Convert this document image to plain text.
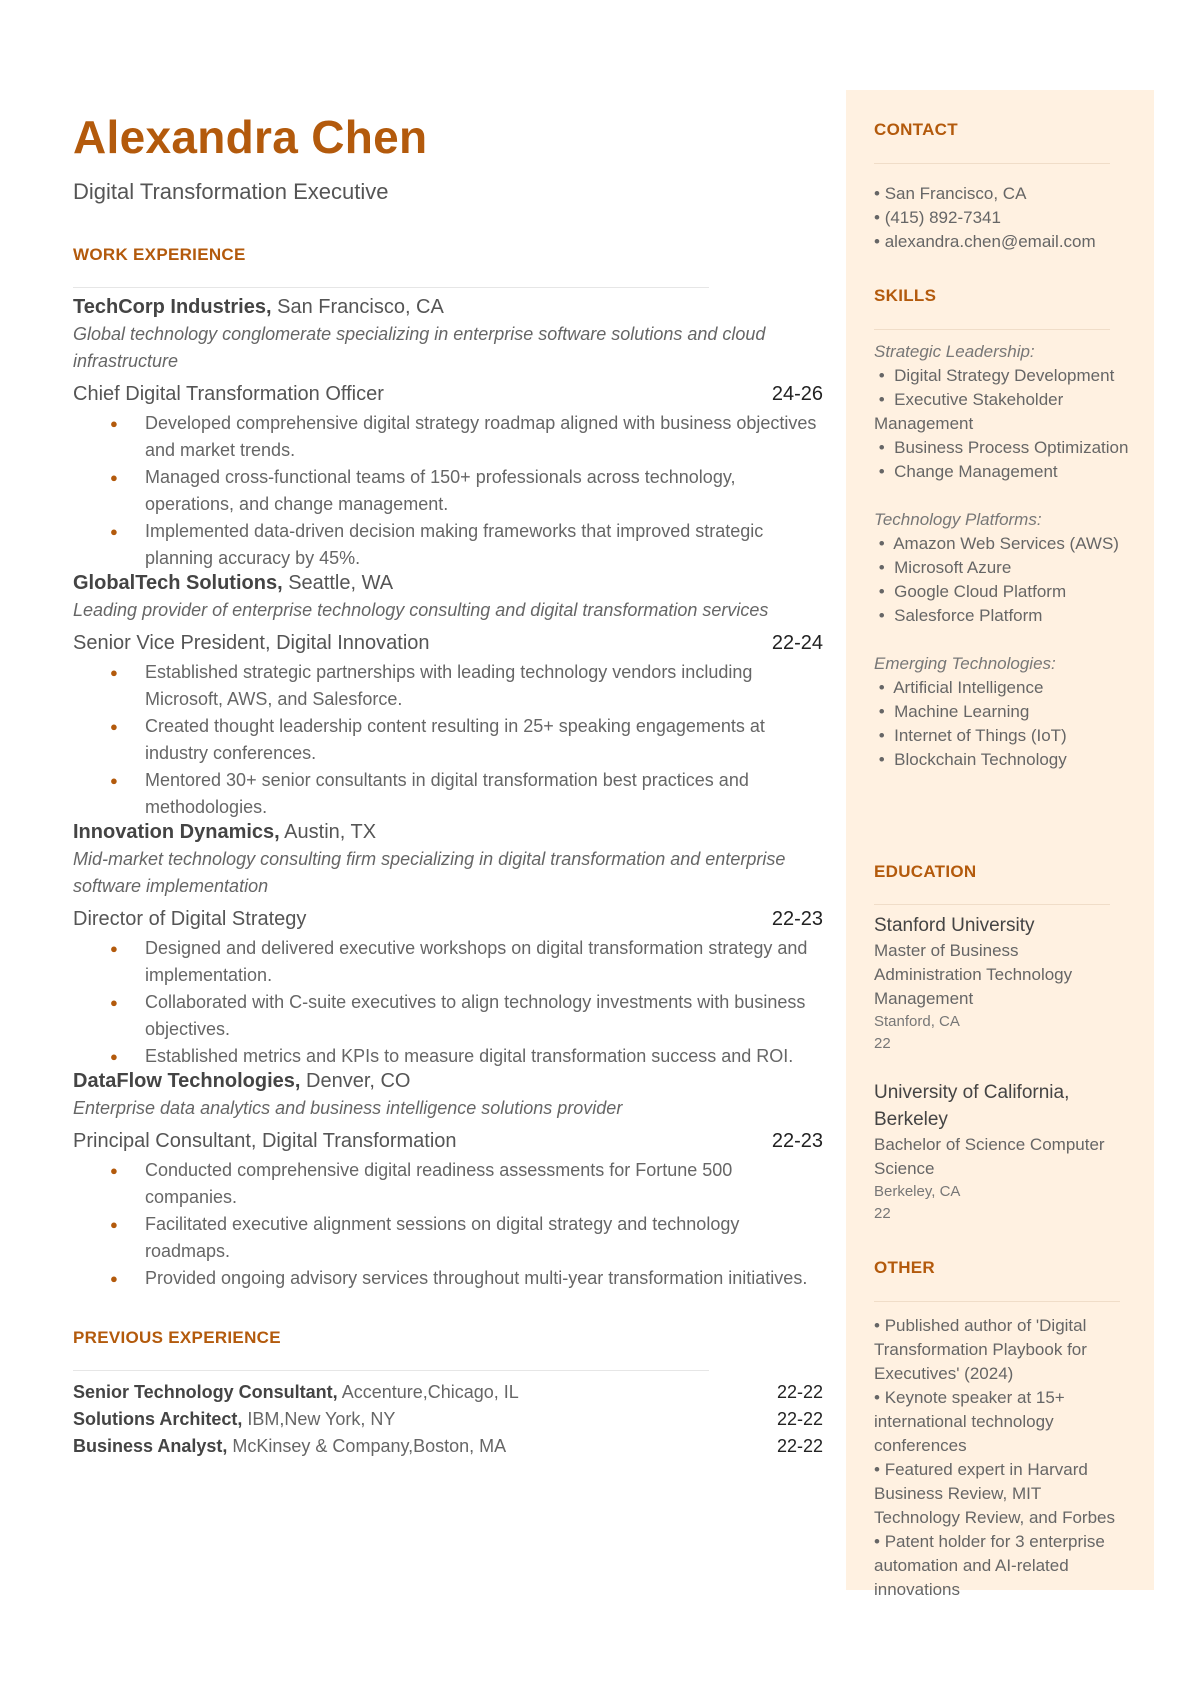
Alexandra Chen
Digital Transformation Executive
WORK EXPERIENCE
TechCorp Industries, San Francisco, CA
Global technology conglomerate specializing in enterprise software solutions and cloud infrastructure
Chief Digital Transformation Officer	24-26
● Developed comprehensive digital strategy roadmap aligned with business objectives and market trends.
● Managed cross-functional teams of 150+ professionals across technology, operations, and change management.
● Implemented data-driven decision making frameworks that improved strategic planning accuracy by 45%.
GlobalTech Solutions, Seattle, WA
Leading provider of enterprise technology consulting and digital transformation services
Senior Vice President, Digital Innovation	22-24
● Established strategic partnerships with leading technology vendors including Microsoft, AWS, and Salesforce.
● Created thought leadership content resulting in 25+ speaking engagements at industry conferences.
● Mentored 30+ senior consultants in digital transformation best practices and methodologies.
Innovation Dynamics, Austin, TX
Mid-market technology consulting firm specializing in digital transformation and enterprise software implementation
Director of Digital Strategy	22-23
● Designed and delivered executive workshops on digital transformation strategy and implementation.
● Collaborated with C-suite executives to align technology investments with business objectives.
● Established metrics and KPIs to measure digital transformation success and ROI.
DataFlow Technologies, Denver, CO
Enterprise data analytics and business intelligence solutions provider
Principal Consultant, Digital Transformation	22-23
● Conducted comprehensive digital readiness assessments for Fortune 500 companies.
● Facilitated executive alignment sessions on digital strategy and technology roadmaps.
● Provided ongoing advisory services throughout multi-year transformation initiatives.
PREVIOUS EXPERIENCE
Senior Technology Consultant, Accenture,Chicago, IL	22-22
Solutions Architect, IBM,New York, NY	22-22
Business Analyst, McKinsey & Company,Boston, MA	22-22
CONTACT
• San Francisco, CA
• (415) 892-7341
• alexandra.chen@email.com
SKILLS
Strategic Leadership:
•  Digital Strategy Development
•  Executive Stakeholder Management
•  Business Process Optimization
•  Change Management
Technology Platforms:
•  Amazon Web Services (AWS)
•  Microsoft Azure
•  Google Cloud Platform
•  Salesforce Platform
Emerging Technologies:
•  Artificial Intelligence
•  Machine Learning
•  Internet of Things (IoT)
•  Blockchain Technology
EDUCATION
Stanford University
Master of Business Administration Technology Management
Stanford, CA
22
University of California, Berkeley
Bachelor of Science Computer Science
Berkeley, CA
22
OTHER
• Published author of 'Digital Transformation Playbook for Executives' (2024)
• Keynote speaker at 15+ international technology conferences
• Featured expert in Harvard Business Review, MIT Technology Review, and Forbes
• Patent holder for 3 enterprise automation and AI-related innovations
